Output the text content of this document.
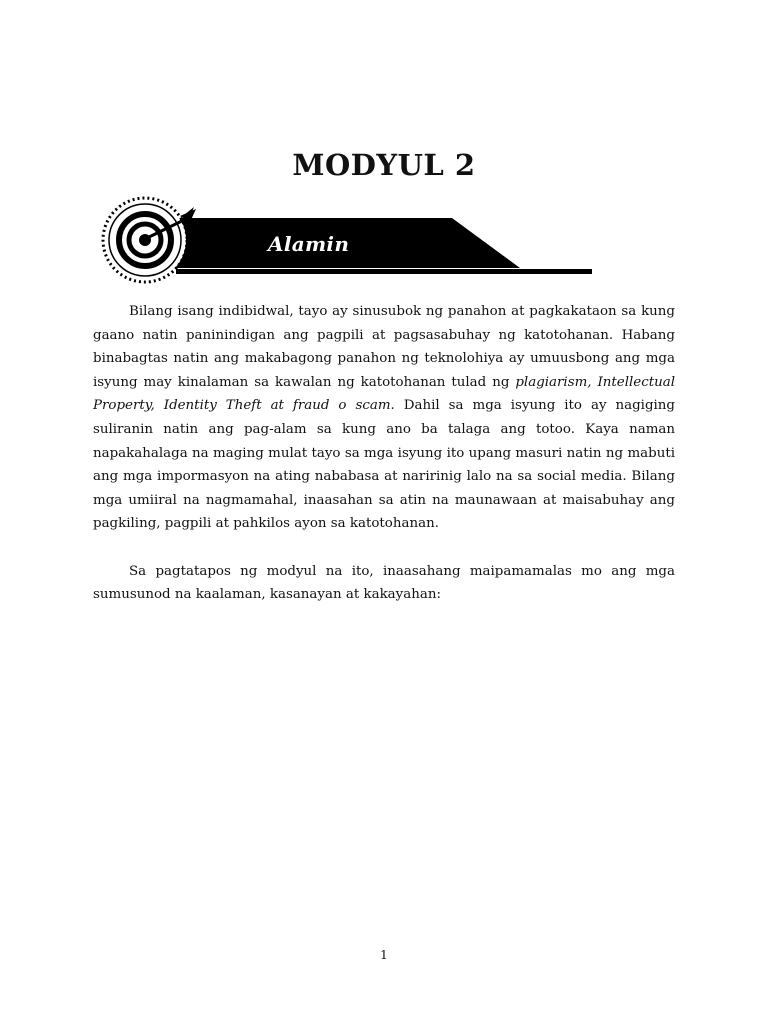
MODYUL 2
Alamin

Bilang isang indibidwal, tayo ay sinusubok ng panahon at pagkakataon sa kung gaano natin paninindigan ang pagpili at pagsasabuhay ng katotohanan. Habang binabagtas natin ang makabagong panahon ng teknolohiya ay umuusbong ang mga isyung may kinalaman sa kawalan ng katotohanan tulad ng plagiarism, Intellectual Property, Identity Theft at fraud o scam. Dahil sa mga isyung ito ay nagiging suliranin natin ang pag-alam sa kung ano ba talaga ang totoo. Kaya naman napakahalaga na maging mulat tayo sa mga isyung ito upang masuri natin ng mabuti ang mga impormasyon na ating nababasa at naririnig lalo na sa social media. Bilang mga umiiral na nagmamahal, inaasahan sa atin na maunawaan at maisabuhay ang pagkiling, pagpili at pahkilos ayon sa katotohanan.

Sa pagtatapos ng modyul na ito, inaasahang maipamamalas mo ang mga sumusunod na kaalaman, kasanayan at kakayahan:

1
